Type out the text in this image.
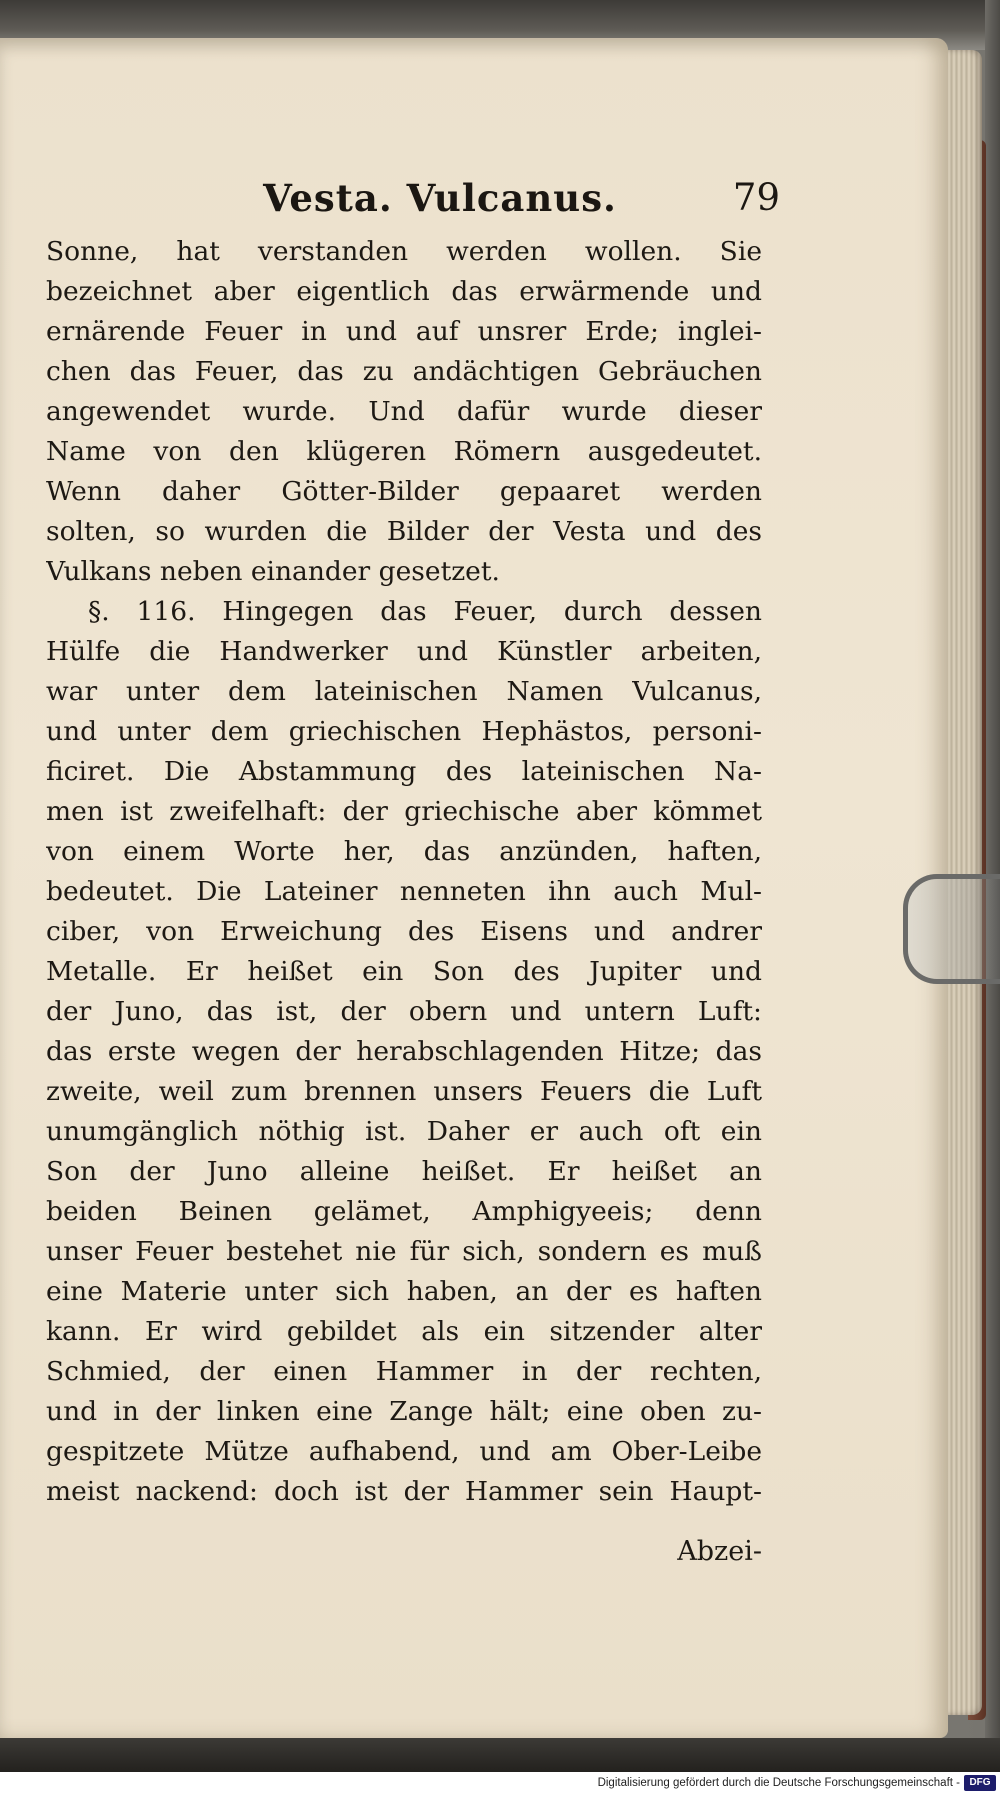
Vesta. Vulcanus.	79
Sonne, hat verstanden werden wollen. Sie
bezeichnet aber eigentlich das erwärmende und
ernärende Feuer in und auf unsrer Erde; inglei-
chen das Feuer, das zu andächtigen Gebräuchen
angewendet wurde. Und dafür wurde dieser
Name von den klügeren Römern ausgedeutet.
Wenn daher Götter-Bilder gepaaret werden
solten, so wurden die Bilder der Vesta und des
Vulkans neben einander gesetzet.
§. 116. Hingegen das Feuer, durch dessen
Hülfe die Handwerker und Künstler arbeiten,
war unter dem lateinischen Namen Vulcanus,
und unter dem griechischen Hephästos, personi-
ficiret. Die Abstammung des lateinischen Na-
men ist zweifelhaft: der griechische aber kömmet
von einem Worte her, das anzünden, haften,
bedeutet. Die Lateiner nenneten ihn auch Mul-
ciber, von Erweichung des Eisens und andrer
Metalle. Er heißet ein Son des Jupiter und
der Juno, das ist, der obern und untern Luft:
das erste wegen der herabschlagenden Hitze; das
zweite, weil zum brennen unsers Feuers die Luft
unumgänglich nöthig ist. Daher er auch oft ein
Son der Juno alleine heißet. Er heißet an
beiden Beinen gelämet, Amphigyeeis; denn
unser Feuer bestehet nie für sich, sondern es muß
eine Materie unter sich haben, an der es haften
kann. Er wird gebildet als ein sitzender alter
Schmied, der einen Hammer in der rechten,
und in der linken eine Zange hält; eine oben zu-
gespitzete Mütze aufhabend, und am Ober-Leibe
meist nackend: doch ist der Hammer sein Haupt-
Abzei-
Digitalisierung gefördert durch die Deutsche Forschungsgemeinschaft - DFG
